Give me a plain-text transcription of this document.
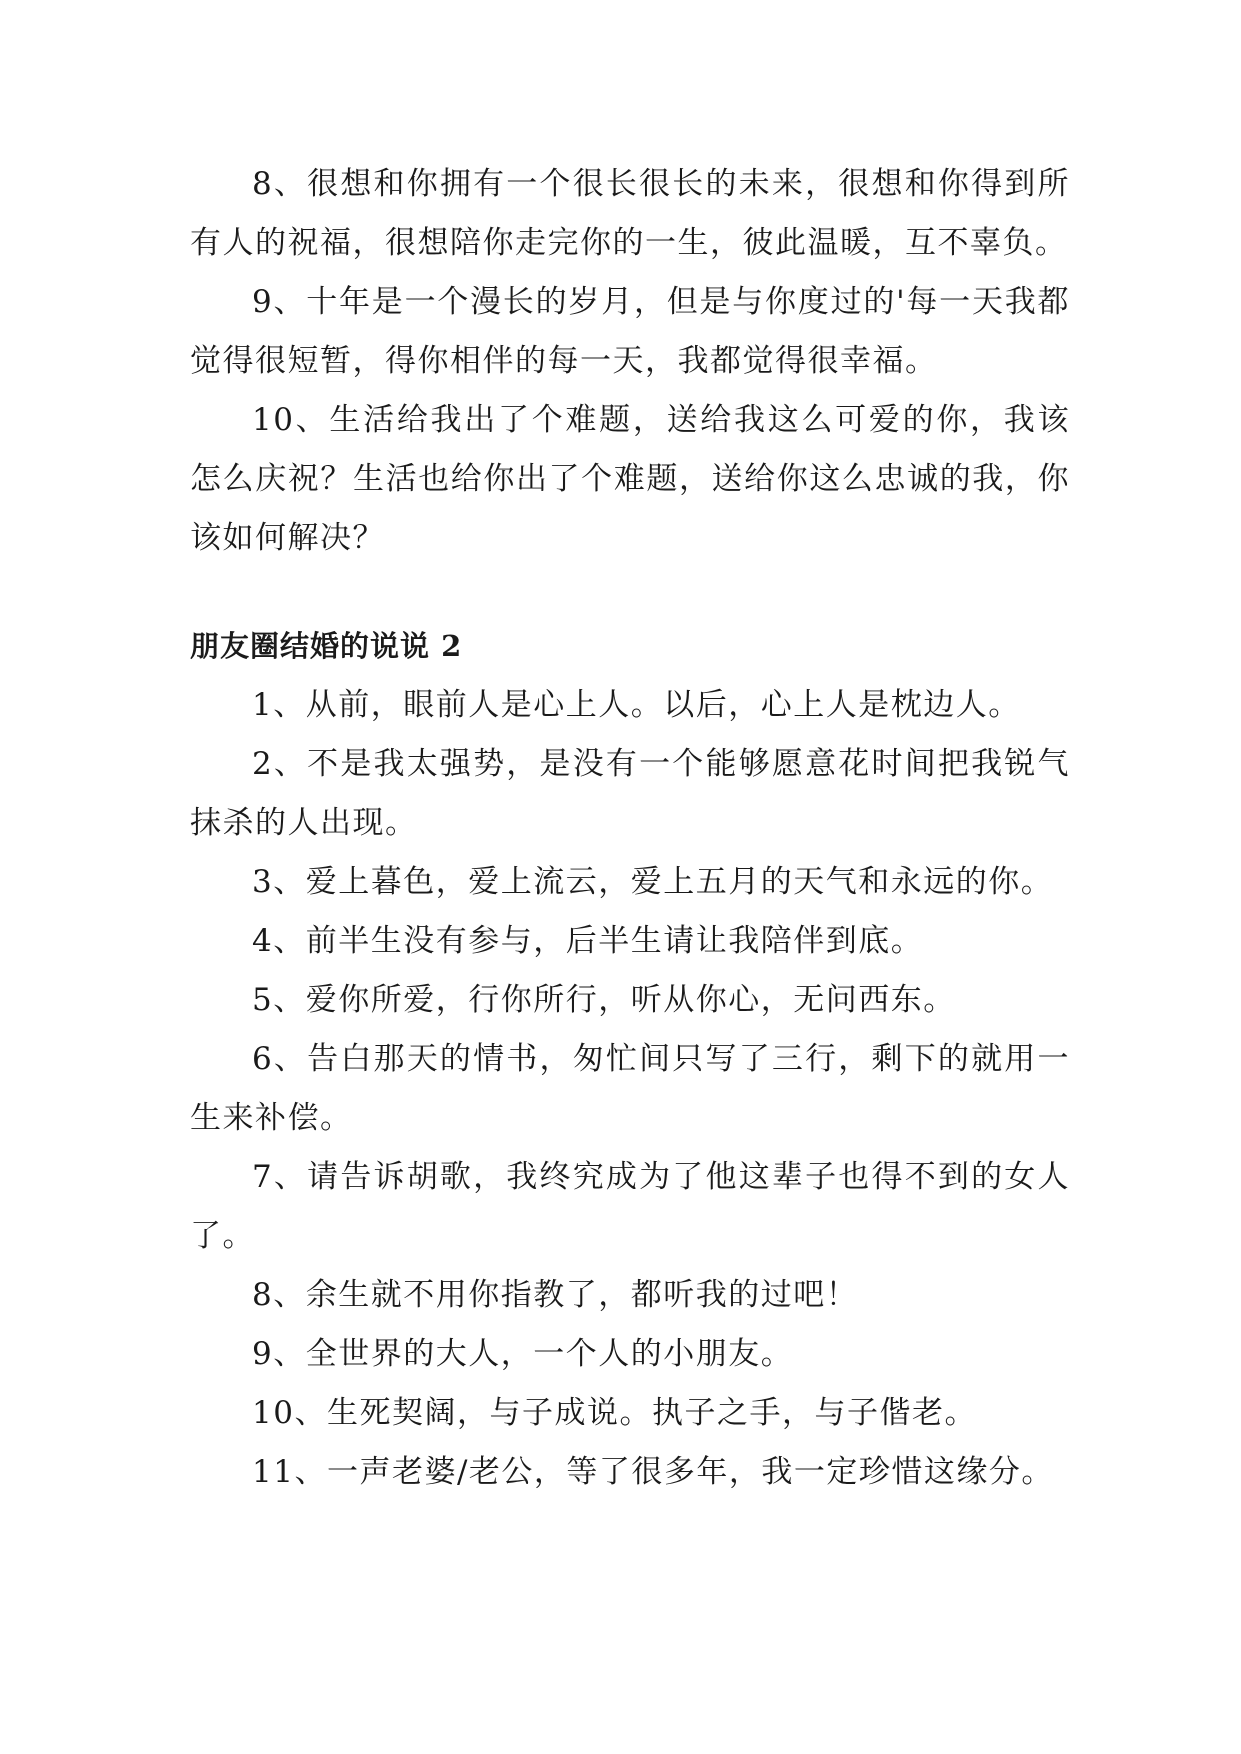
8、很想和你拥有一个很长很长的未来，很想和你得到所有人的祝福，很想陪你走完你的一生，彼此温暖，互不辜负。

9、十年是一个漫长的岁月，但是与你度过的'每一天我都觉得很短暂，得你相伴的每一天，我都觉得很幸福。

10、生活给我出了个难题，送给我这么可爱的你，我该怎么庆祝？生活也给你出了个难题，送给你这么忠诚的我，你该如何解决？

朋友圈结婚的说说 2

1、从前，眼前人是心上人。以后，心上人是枕边人。

2、不是我太强势，是没有一个能够愿意花时间把我锐气抹杀的人出现。

3、爱上暮色，爱上流云，爱上五月的天气和永远的你。

4、前半生没有参与，后半生请让我陪伴到底。

5、爱你所爱，行你所行，听从你心，无问西东。

6、告白那天的情书，匆忙间只写了三行，剩下的就用一生来补偿。

7、请告诉胡歌，我终究成为了他这辈子也得不到的女人了。

8、余生就不用你指教了，都听我的过吧！

9、全世界的大人，一个人的小朋友。

10、生死契阔，与子成说。执子之手，与子偕老。

11、一声老婆/老公，等了很多年，我一定珍惜这缘分。
